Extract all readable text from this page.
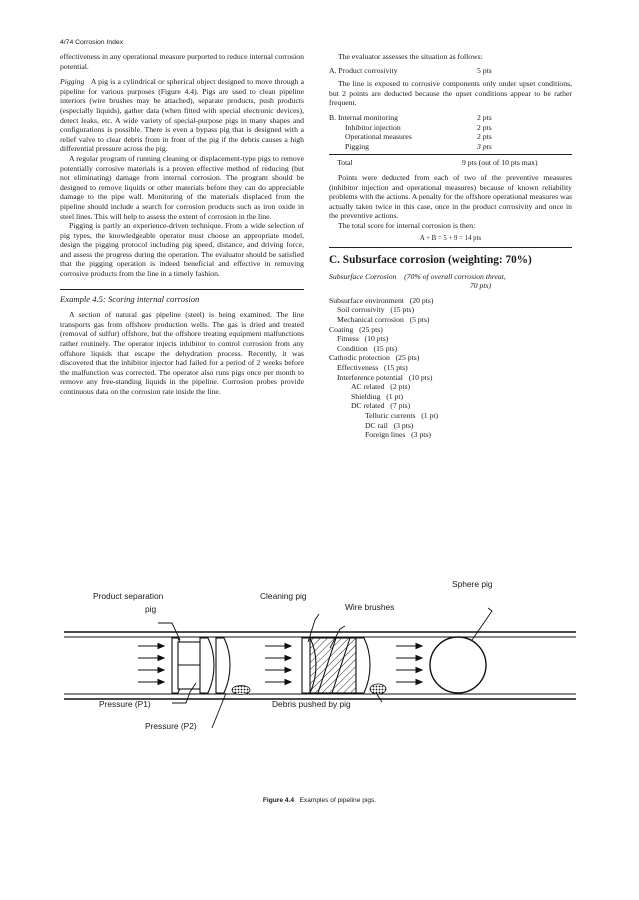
4/74 Corrosion Index

effectiveness in any operational measure purported to reduce internal corrosion potential.

Pigging A pig is a cylindrical or spherical object designed to move through a pipeline for various purposes (Figure 4.4). Pigs are used to clean pipeline interiors (wire brushes may be attached), separate products, push products (especially liquids), gather data (when fitted with special electronic devices), detect leaks, etc. A wide variety of special-purpose pigs in many shapes and configurations is possible. There is even a bypass pig that is designed with a relief valve to clear debris from in front of the pig if the debris causes a high differential pressure across the pig.

A regular program of running cleaning or displacement-type pigs to remove potentially corrosive materials is a proven effective method of reducing (but not eliminating) damage from internal corrosion. The program should be designed to remove liquids or other materials before they can do appreciable damage to the pipe wall. Monitoring of the materials displaced from the pipeline should include a search for corrosion products such as iron oxide in steel lines. This will help to assess the extent of corrosion in the line.

Pigging is partly an experience-driven technique. From a wide selection of pig types, the knowledgeable operator must choose an appropriate model, design the pigging protocol including pig speed, distance, and driving force, and assess the progress during the operation. The evaluator should be satisfied that the pigging operation is indeed beneficial and effective in removing corrosive products from the line in a timely fashion.

Example 4.5: Scoring internal corrosion

A section of natural gas pipeline (steel) is being examined. The line transports gas from offshore production wells. The gas is dried and treated (removal of sulfur) offshore, but the offshore treating equipment malfunctions rather routinely. The operator injects inhibitor to control corrosion from any offshore liquids that escape the dehydration process. Recently, it was discovered that the inhibitor injector had failed for a period of 2 weeks before the malfunction was corrected. The operator also runs pigs once per month to remove any free-standing liquids in the pipeline. Corrosion probes provide continuous data on the corrosion rate inside the line.

The evaluator assesses the situation as follows:

A. Product corrosivity	5 pts

The line is exposed to corrosive components only under upset conditions, but 2 points are deducted because the upset conditions appear to be rather frequent.

B. Internal monitoring	2 pts
Inhibitor injection	2 pts
Operational measures	2 pts
Pigging	3 pts
Total	9 pts (out of 10 pts max)

Points were deducted from each of two of the preventive measures (inhibitor injection and operational measures) because of known reliability problems with the actions. A penalty for the offshore operational measures was actually taken twice in this case, once in the product corrosivity and once in the preventive actions.

The total score for internal corrosion is then:

A + B = 5 + 9 = 14 pts
C. Subsurface corrosion (weighting: 70%)
Subsurface Corrosion (70% of overall corrosion threat,
70 pts)
Subsurface environment   (20 pts)
Soil corrosivity   (15 pts)
Mechanical corrosion   (5 pts)
Coating   (25 pts)
Fitness   (10 pts)
Condition   (15 pts)
Cathodic protection   (25 pts)
Effectiveness   (15 pts)
Interference potential   (10 pts)
AC related   (2 pts)
Shielding   (1 pt)
DC related   (7 pts)
Telluric currents   (1 pt)
DC rail   (3 pts)
Foreign lines   (3 pts)
Product separation
pig
Cleaning pig
Wire brushes
Sphere pig
Pressure (P1)
Pressure (P2)
Debris pushed by pig
Figure 4.4 Examples of pipeline pigs.
